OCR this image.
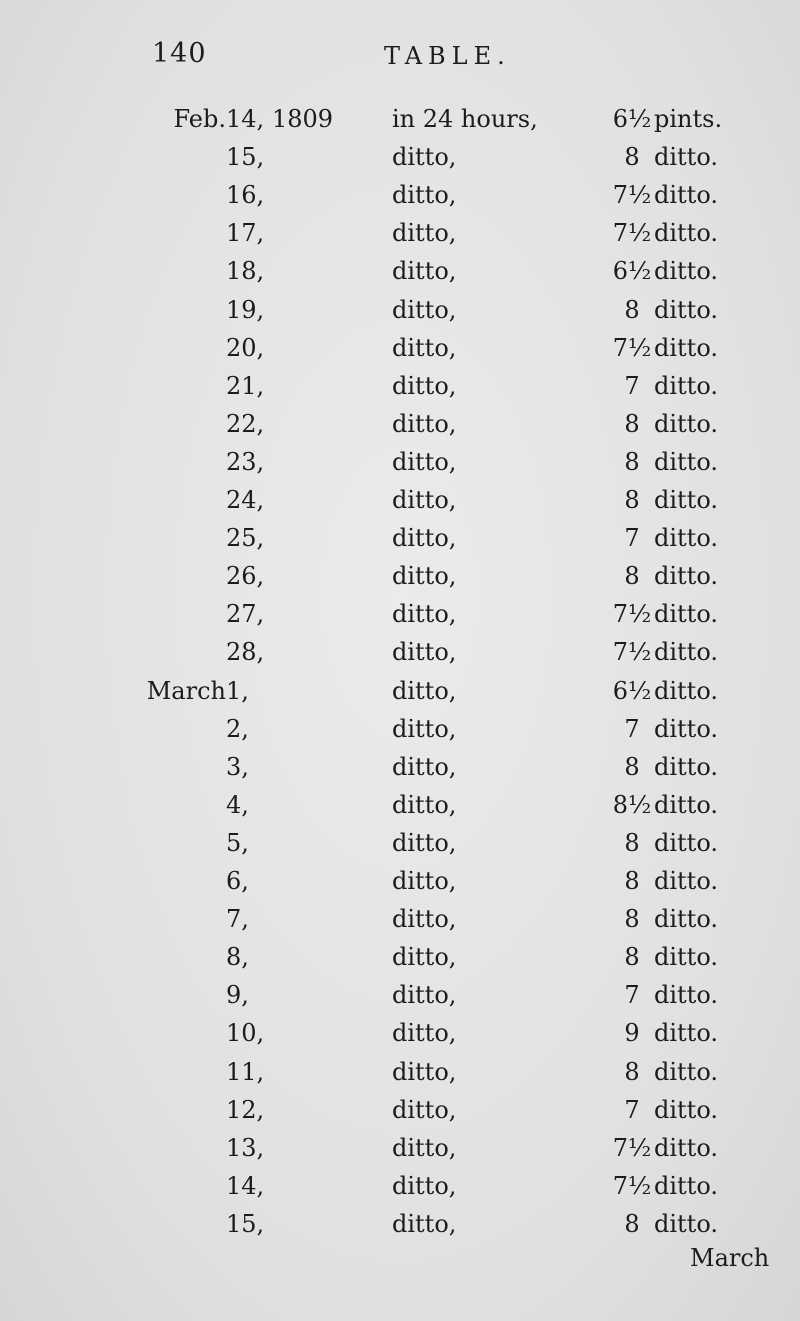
140	TABLE.
Feb. 14, 1809	in 24 hours,	6½ pints.
15,	ditto,	8 ditto.
16,	ditto,	7½ ditto.
17,	ditto,	7½ ditto.
18,	ditto,	6½ ditto.
19,	ditto,	8 ditto.
20,	ditto,	7½ ditto.
21,	ditto,	7 ditto.
22,	ditto,	8 ditto.
23,	ditto,	8 ditto.
24,	ditto,	8 ditto.
25,	ditto,	7 ditto.
26,	ditto,	8 ditto.
27,	ditto,	7½ ditto.
28,	ditto,	7½ ditto.
March 1,	ditto,	6½ ditto.
2,	ditto,	7 ditto.
3,	ditto,	8 ditto.
4,	ditto,	8½ ditto.
5,	ditto,	8 ditto.
6,	ditto,	8 ditto.
7,	ditto,	8 ditto.
8,	ditto,	8 ditto.
9,	ditto,	7 ditto.
10,	ditto,	9 ditto.
11,	ditto,	8 ditto.
12,	ditto,	7 ditto.
13,	ditto,	7½ ditto.
14,	ditto,	7½ ditto.
15,	ditto,	8 ditto.
March
